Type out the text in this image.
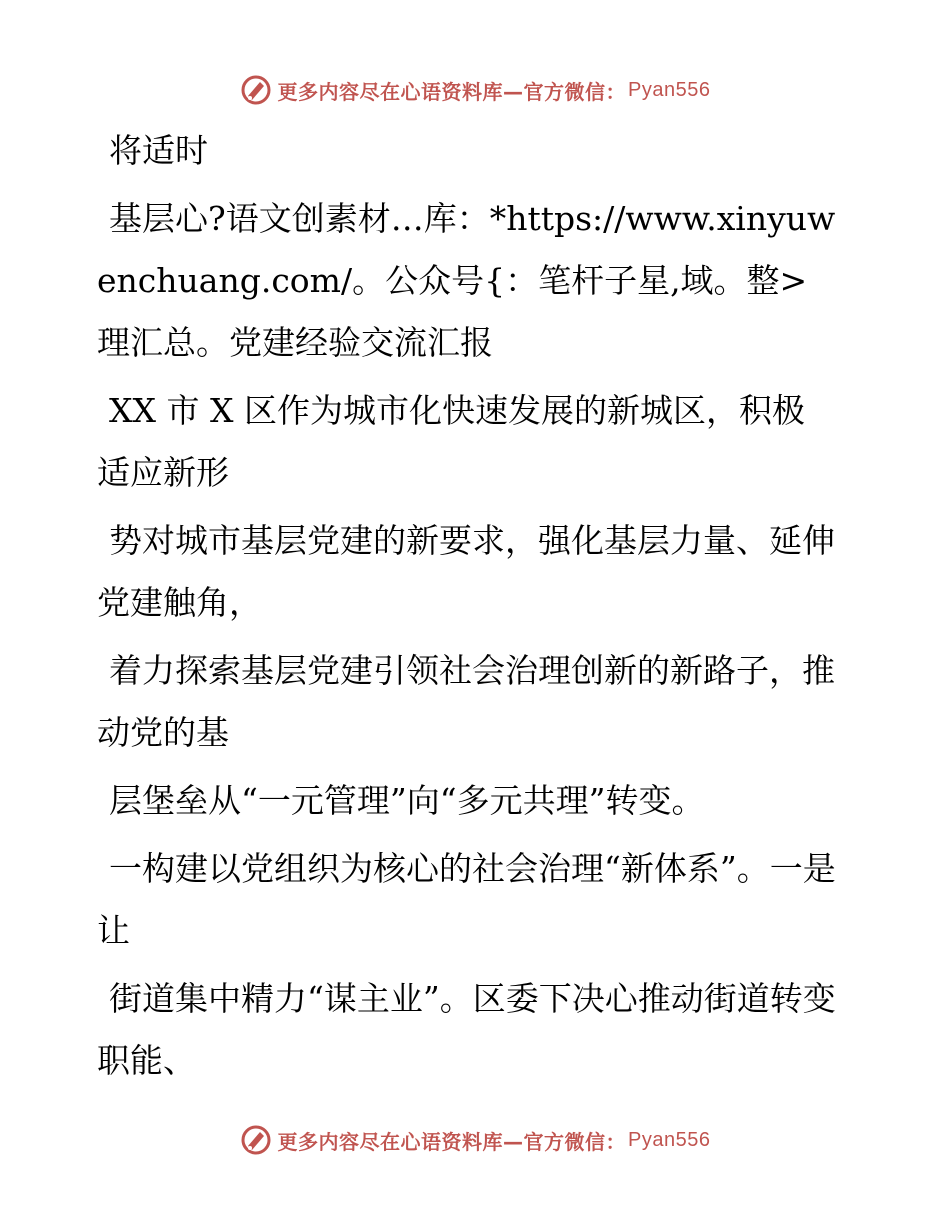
更多内容尽在心语资料库—官方微信： Pyan556

将适时

基层心?语文创素材…库：*https://www.xinyuwenchuang.com/。公众号{：笔杆子星,域。整>理汇总。党建经验交流汇报

XX 市 X 区作为城市化快速发展的新城区，积极适应新形

势对城市基层党建的新要求，强化基层力量、延伸党建触角，

着力探索基层党建引领社会治理创新的新路子，推动党的基

层堡垒从“一元管理”向“多元共理”转变。

一构建以党组织为核心的社会治理“新体系”。一是让

街道集中精力“谋主业”。区委下决心推动街道转变职能、

更多内容尽在心语资料库—官方微信： Pyan556
